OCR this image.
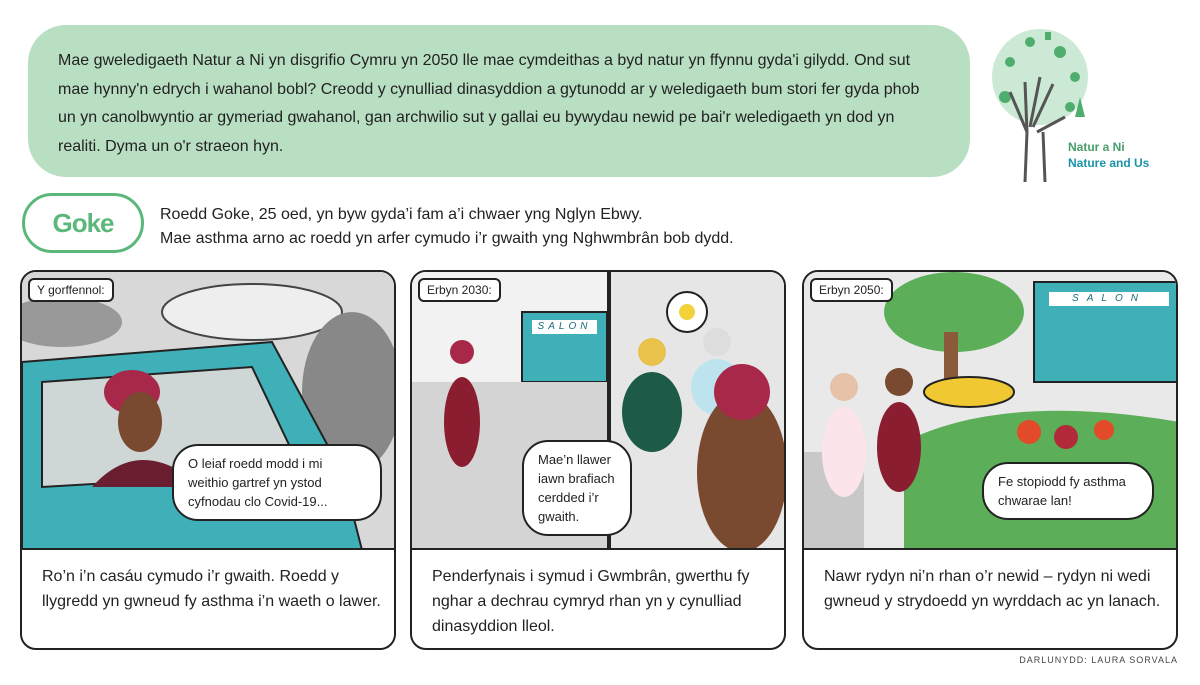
Mae gweledigaeth Natur a Ni yn disgrifio Cymru yn 2050 lle mae cymdeithas a byd natur yn ffynnu gyda'i gilydd. Ond sut mae hynny'n edrych i wahanol bobl? Creodd y cynulliad dinasyddion a gytunodd ar y weledigaeth bum stori fer gyda phob un yn canolbwyntio ar gymeriad gwahanol, gan archwilio sut y gallai eu bywydau newid pe bai'r weledigaeth yn dod yn realiti. Dyma un o'r straeon hyn.	Natur a Ni
Nature and Us
Goke	Roedd Goke, 25 oed, yn byw gyda’i fam a’i chwaer yng Nglyn Ebwy.
Mae asthma arno ac roedd yn arfer cymudo i’r gwaith yng Nghwmbrân bob dydd.
Y gorffennol:
O leiaf roedd modd i mi weithio gartref yn ystod cyfnodau clo Covid-19...
Ro’n i’n casáu cymudo i’r gwaith. Roedd y llygredd yn gwneud fy asthma i’n waeth o lawer.
SALON
Erbyn 2030:
Mae’n llawer iawn brafiach cerdded i’r gwaith.
Penderfynais i symud i Gwmbrân, gwerthu fy nghar a dechrau cymryd rhan yn y cynulliad dinasyddion lleol.
SALON
Erbyn 2050:
Fe stopiodd fy asthma chwarae lan!
Nawr rydyn ni’n rhan o’r newid – rydyn ni wedi gwneud y strydoedd yn wyrddach ac yn lanach.
DARLUNYDD: LAURA SORVALA
